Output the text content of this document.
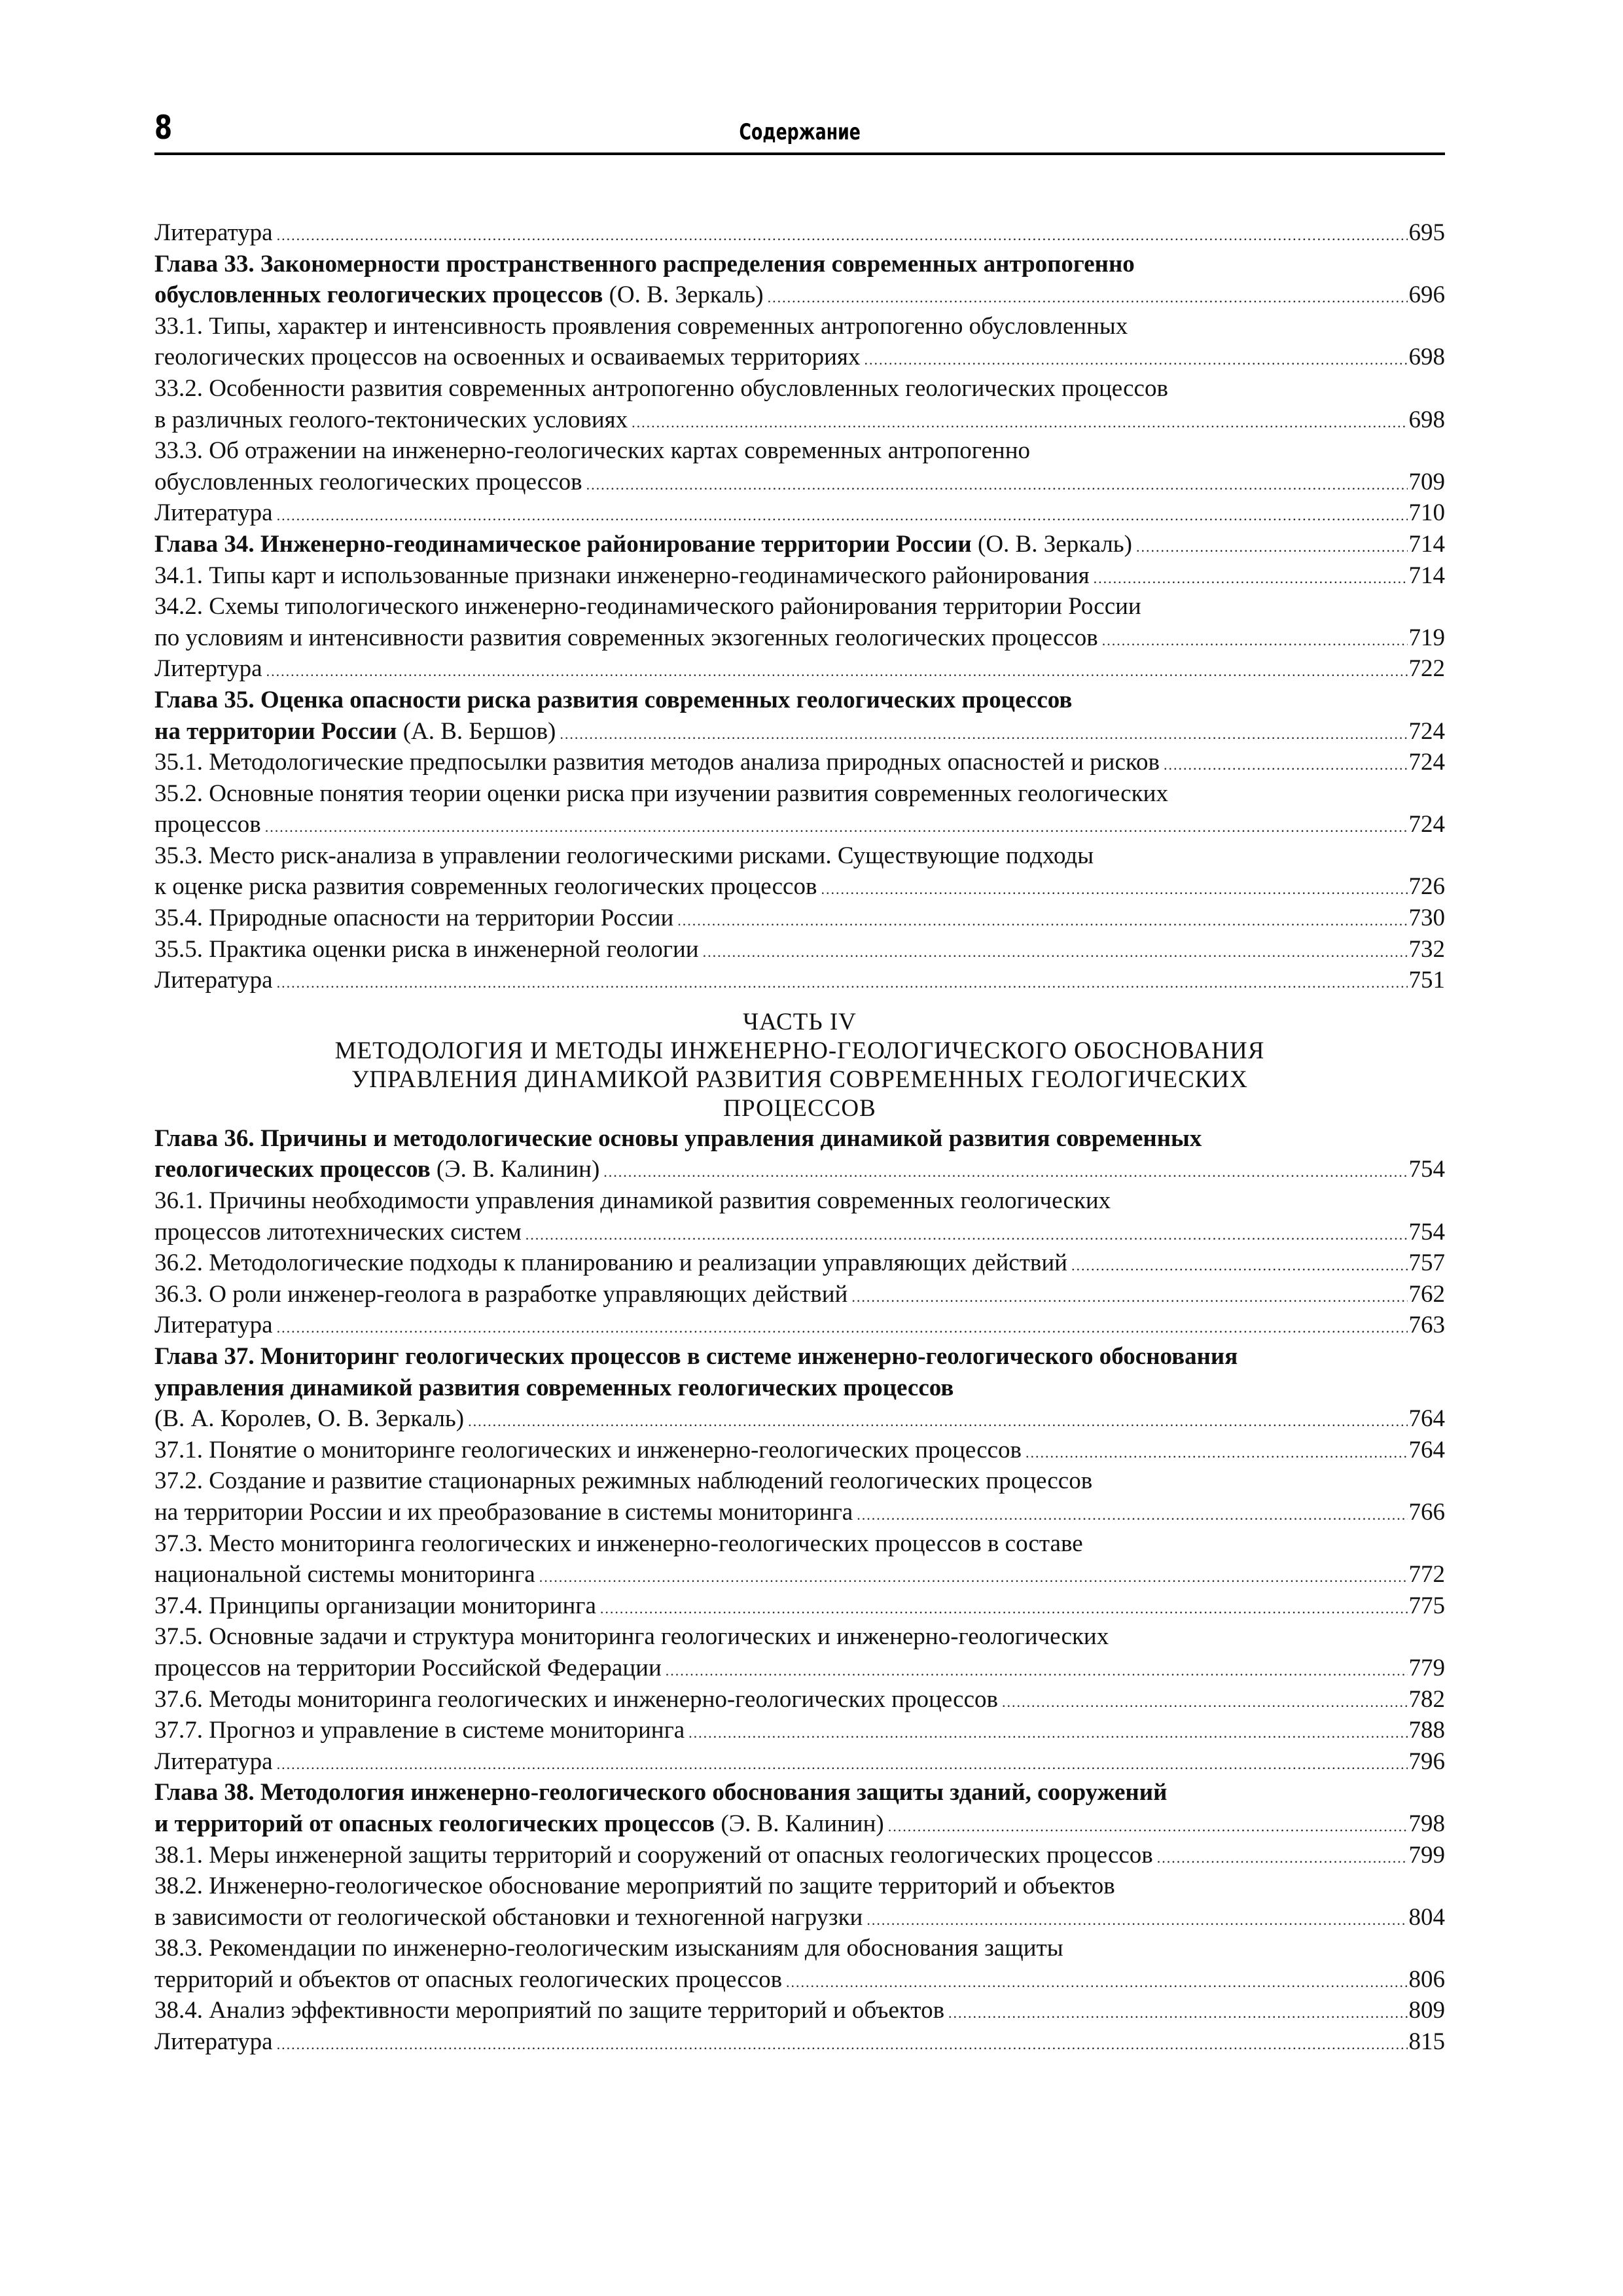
8	Содержание
Литература .....	695
Глава 33. Закономерности пространственного распределения современных антропогенно
обусловленных геологических процессов (О. В. Зеркаль) .....	696
33.1. Типы, характер и интенсивность проявления современных антропогенно обусловленных
геологических процессов на освоенных и осваиваемых территориях .....	698
33.2. Особенности развития современных антропогенно обусловленных геологических процессов
в различных геолого-тектонических условиях .....	698
33.3. Об отражении на инженерно-геологических картах современных антропогенно
обусловленных геологических процессов .....	709
Литература .....	710
Глава 34. Инженерно-геодинамическое районирование территории России (О. В. Зеркаль) .....	714
34.1. Типы карт и использованные признаки инженерно-геодинамического районирования .....	714
34.2. Схемы типологического инженерно-геодинамического районирования территории России
по условиям и интенсивности развития современных экзогенных геологических процессов .....	719
Литертура .....	722
Глава 35. Оценка опасности риска развития современных геологических процессов
на территории России (А. В. Бершов) .....	724
35.1. Методологические предпосылки развития методов анализа природных опасностей и рисков .....	724
35.2. Основные понятия теории оценки риска при изучении развития современных геологических
процессов .....	724
35.3. Место риск-анализа в управлении геологическими рисками. Существующие подходы
к оценке риска развития современных геологических процессов .....	726
35.4. Природные опасности на территории России .....	730
35.5. Практика оценки риска в инженерной геологии .....	732
Литература .....	751
ЧАСТЬ IV
МЕТОДОЛОГИЯ И МЕТОДЫ ИНЖЕНЕРНО-ГЕОЛОГИЧЕСКОГО ОБОСНОВАНИЯ
УПРАВЛЕНИЯ ДИНАМИКОЙ РАЗВИТИЯ СОВРЕМЕННЫХ ГЕОЛОГИЧЕСКИХ
ПРОЦЕССОВ
Глава 36. Причины и методологические основы управления динамикой развития современных
геологических процессов (Э. В. Калинин) .....	754
36.1. Причины необходимости управления динамикой развития современных геологических
процессов литотехнических систем .....	754
36.2. Методологические подходы к планированию и реализации управляющих действий .....	757
36.3. О роли инженер-геолога в разработке управляющих действий .....	762
Литература .....	763
Глава 37. Мониторинг геологических процессов в системе инженерно-геологического обоснования
управления динамикой развития современных геологических процессов
(В. А. Королев, О. В. Зеркаль) .....	764
37.1. Понятие о мониторинге геологических и инженерно-геологических процессов .....	764
37.2. Создание и развитие стационарных режимных наблюдений геологических процессов
на территории России и их преобразование в системы мониторинга .....	766
37.3. Место мониторинга геологических и инженерно-геологических процессов в составе
национальной системы мониторинга .....	772
37.4. Принципы организации мониторинга .....	775
37.5. Основные задачи и структура мониторинга геологических и инженерно-геологических
процессов на территории Российской Федерации .....	779
37.6. Методы мониторинга геологических и инженерно-геологических процессов .....	782
37.7. Прогноз и управление в системе мониторинга .....	788
Литература .....	796
Глава 38. Методология инженерно-геологического обоснования защиты зданий, сооружений
и территорий от опасных геологических процессов (Э. В. Калинин) .....	798
38.1. Меры инженерной защиты территорий и сооружений от опасных геологических процессов .....	799
38.2. Инженерно-геологическое обоснование мероприятий по защите территорий и объектов
в зависимости от геологической обстановки и техногенной нагрузки .....	804
38.3. Рекомендации по инженерно-геологическим изысканиям для обоснования защиты
территорий и объектов от опасных геологических процессов .....	806
38.4. Анализ эффективности мероприятий по защите территорий и объектов .....	809
Литература .....	815
